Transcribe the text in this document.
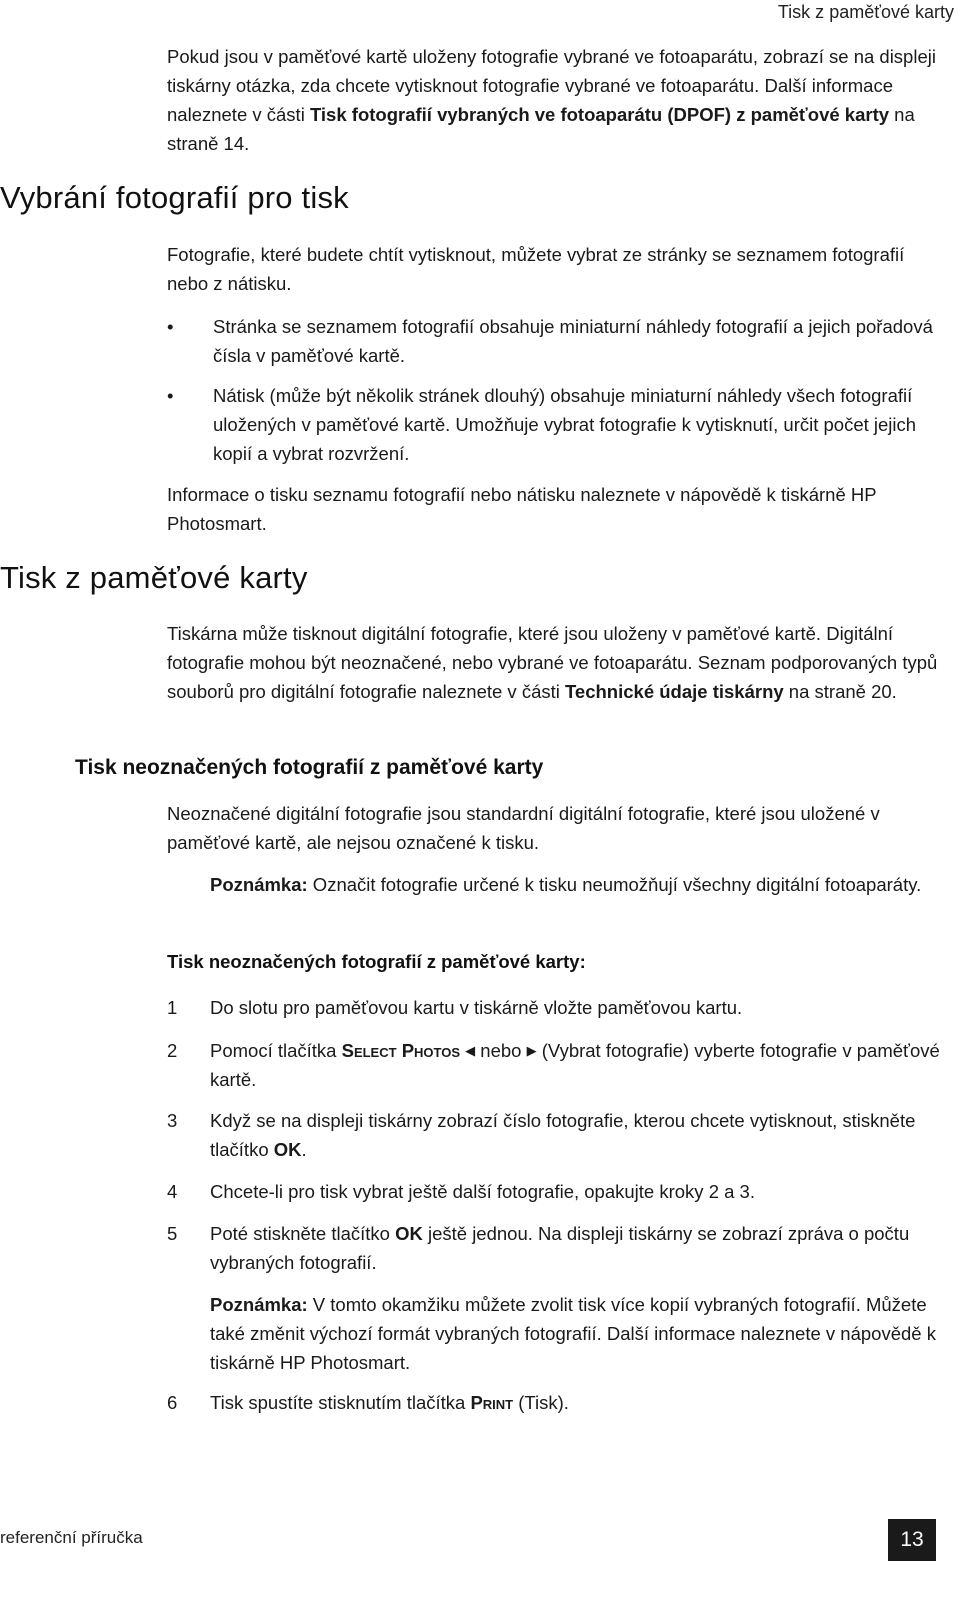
Tisk z paměťové karty

Pokud jsou v paměťové kartě uloženy fotografie vybrané ve fotoaparátu, zobrazí se na displeji tiskárny otázka, zda chcete vytisknout fotografie vybrané ve fotoaparátu. Další informace naleznete v části Tisk fotografií vybraných ve fotoaparátu (DPOF) z paměťové karty na straně 14.

Vybrání fotografií pro tisk

Fotografie, které budete chtít vytisknout, můžete vybrat ze stránky se seznamem fotografií nebo z nátisku.

• Stránka se seznamem fotografií obsahuje miniaturní náhledy fotografií a jejich pořadová čísla v paměťové kartě.
• Nátisk (může být několik stránek dlouhý) obsahuje miniaturní náhledy všech fotografií uložených v paměťové kartě. Umožňuje vybrat fotografie k vytisknutí, určit počet jejich kopií a vybrat rozvržení.

Informace o tisku seznamu fotografií nebo nátisku naleznete v nápovědě k tiskárně HP Photosmart.

Tisk z paměťové karty

Tiskárna může tisknout digitální fotografie, které jsou uloženy v paměťové kartě. Digitální fotografie mohou být neoznačené, nebo vybrané ve fotoaparátu. Seznam podporovaných typů souborů pro digitální fotografie naleznete v části Technické údaje tiskárny na straně 20.

Tisk neoznačených fotografií z paměťové karty

Neoznačené digitální fotografie jsou standardní digitální fotografie, které jsou uložené v paměťové kartě, ale nejsou označené k tisku.

Poznámka: Označit fotografie určené k tisku neumožňují všechny digitální fotoaparáty.
Tisk neoznačených fotografií z paměťové karty:
1 Do slotu pro paměťovou kartu v tiskárně vložte paměťovou kartu.
2 Pomocí tlačítka Select Photos ◀ nebo ▶ (Vybrat fotografie) vyberte fotografie v paměťové kartě.
3 Když se na displeji tiskárny zobrazí číslo fotografie, kterou chcete vytisknout, stiskněte tlačítko OK.
4 Chcete-li pro tisk vybrat ještě další fotografie, opakujte kroky 2 a 3.
5 Poté stiskněte tlačítko OK ještě jednou. Na displeji tiskárny se zobrazí zpráva o počtu vybraných fotografií.
Poznámka: V tomto okamžiku můžete zvolit tisk více kopií vybraných fotografií. Můžete také změnit výchozí formát vybraných fotografií. Další informace naleznete v nápovědě k tiskárně HP Photosmart.
6 Tisk spustíte stisknutím tlačítka Print (Tisk).
referenční příručka	13
